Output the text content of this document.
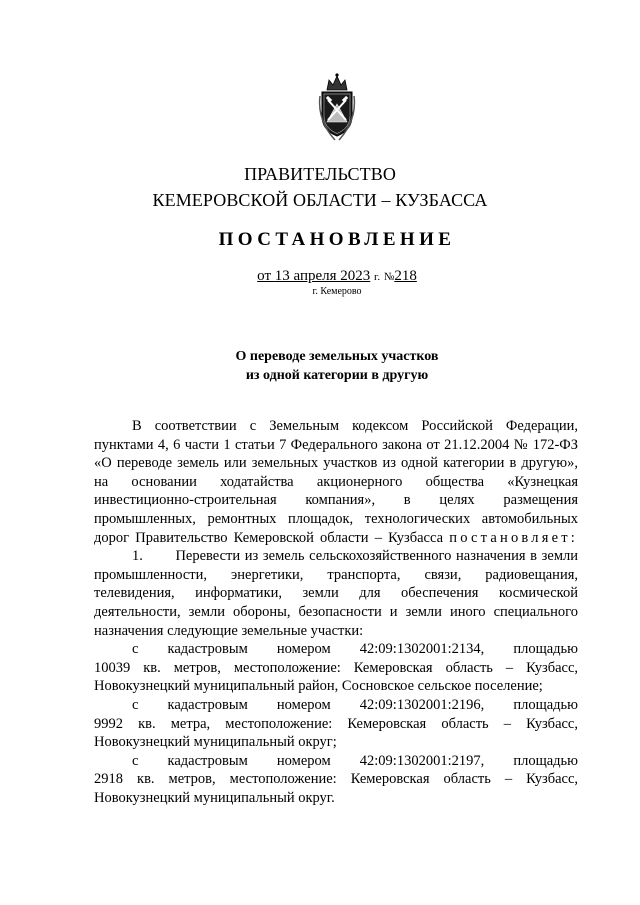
ПРАВИТЕЛЬСТВО
КЕМЕРОВСКОЙ ОБЛАСТИ – КУЗБАССА
ПОСТАНОВЛЕНИЕ
от 13 апреля 2023 г. №218
г. Кемерово
О переводе земельных участков
из одной категории в другую
В соответствии с Земельным кодексом Российской Федерации,
пунктами 4, 6 части 1 статьи 7 Федерального закона от 21.12.2004 № 172-ФЗ
«О переводе земель или земельных участков из одной категории в другую»,
на основании ходатайства акционерного общества «Кузнецкая
инвестиционно-строительная компания», в целях размещения
промышленных, ремонтных площадок, технологических автомобильных
дорог Правительство Кемеровской области – Кузбасса постановляет:
1. Перевести из земель сельскохозяйственного назначения в земли
промышленности, энергетики, транспорта, связи, радиовещания,
телевидения, информатики, земли для обеспечения космической
деятельности, земли обороны, безопасности и земли иного специального
назначения следующие земельные участки:
с кадастровым номером 42:09:1302001:2134, площадью
10039 кв. метров, местоположение: Кемеровская область – Кузбасс,
Новокузнецкий муниципальный район, Сосновское сельское поселение;
с кадастровым номером 42:09:1302001:2196, площадью
9992 кв. метра, местоположение: Кемеровская область – Кузбасс,
Новокузнецкий муниципальный округ;
с кадастровым номером 42:09:1302001:2197, площадью
2918 кв. метров, местоположение: Кемеровская область – Кузбасс,
Новокузнецкий муниципальный округ.
